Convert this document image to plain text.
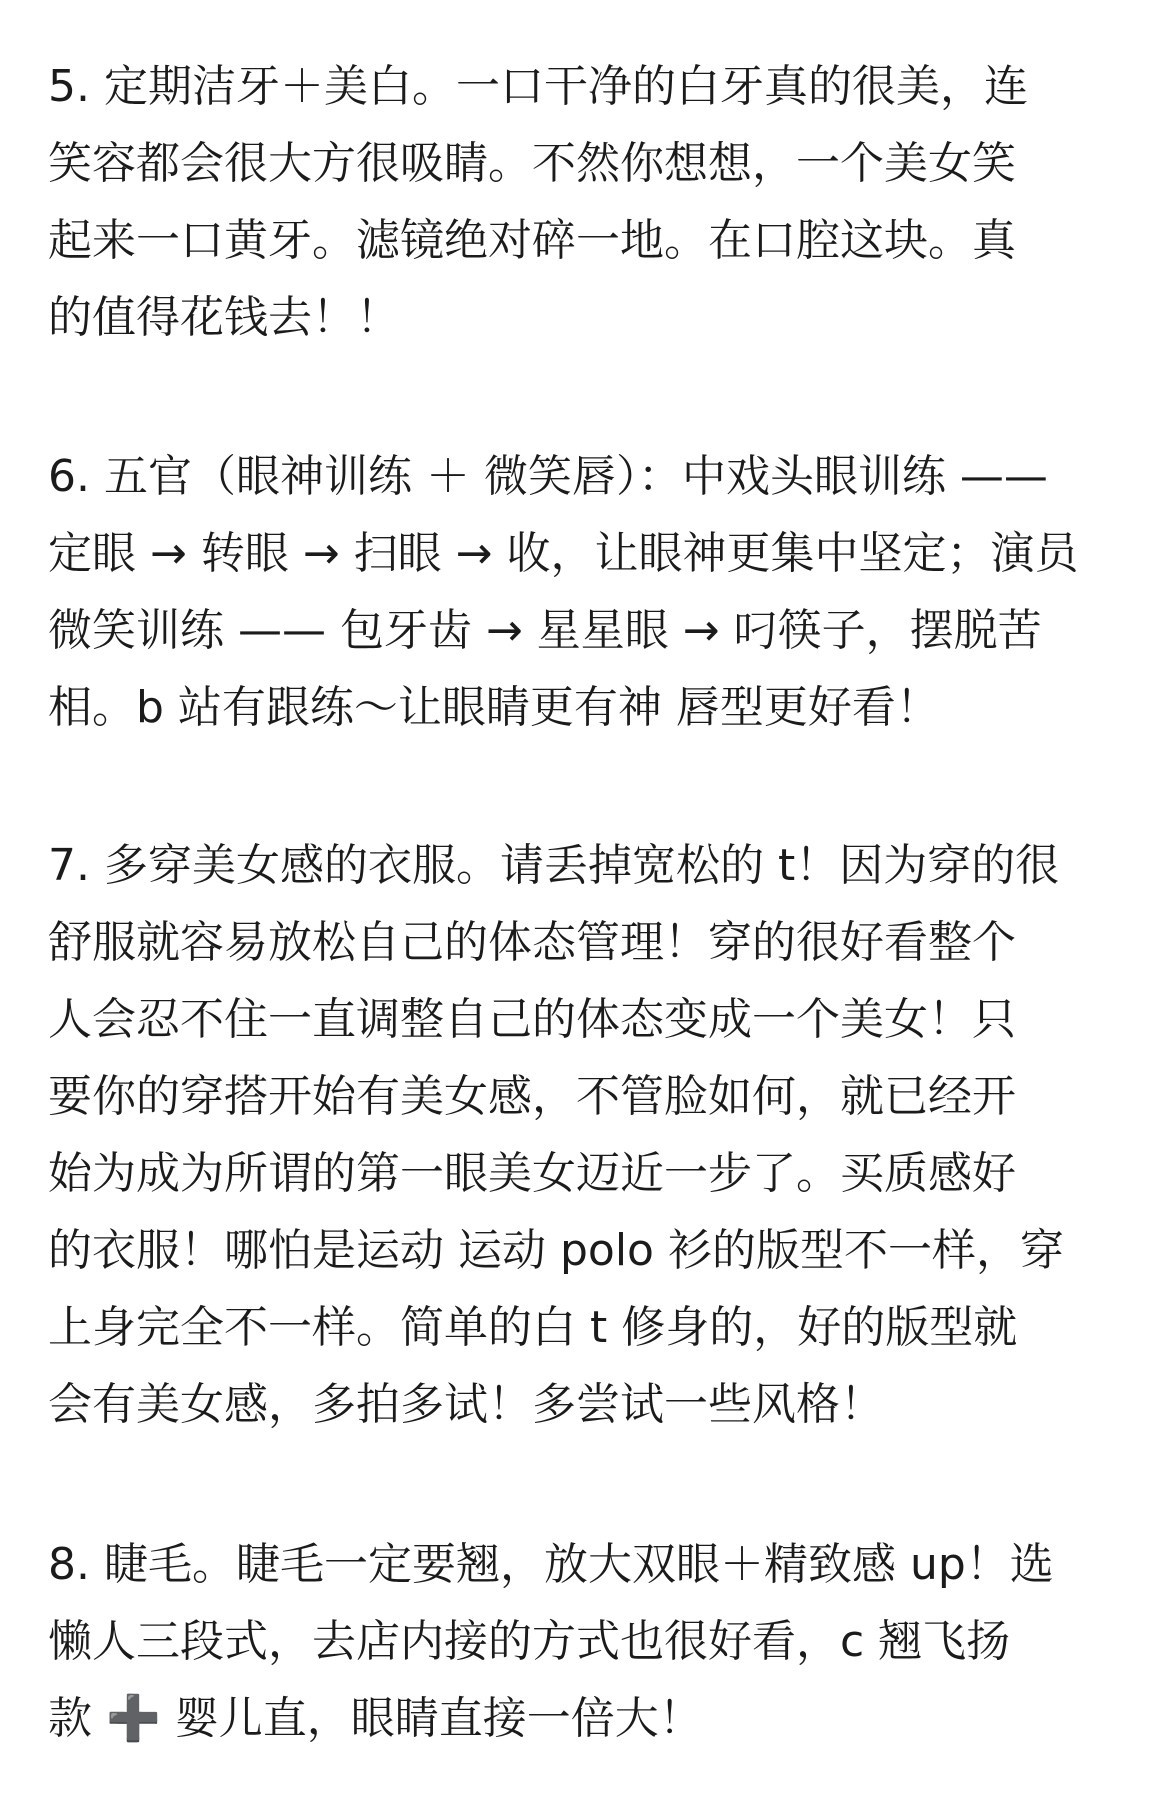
5. 定期洁牙＋美白。一口干净的白牙真的很美，连
笑容都会很大方很吸睛。不然你想想，一个美女笑
起来一口黄牙。滤镜绝对碎一地。在口腔这块。真
的值得花钱去！！
6. 五官（眼神训练 ＋ 微笑唇）：中戏头眼训练 ——
定眼 → 转眼 → 扫眼 → 收，让眼神更集中坚定；演员
微笑训练 —— 包牙齿 → 星星眼 → 叼筷子，摆脱苦
相。b 站有跟练～让眼睛更有神 唇型更好看！
7. 多穿美女感的衣服。请丢掉宽松的 t！因为穿的很
舒服就容易放松自己的体态管理！穿的很好看整个
人会忍不住一直调整自己的体态变成一个美女！只
要你的穿搭开始有美女感，不管脸如何，就已经开
始为成为所谓的第一眼美女迈近一步了。买质感好
的衣服！哪怕是运动 运动 polo 衫的版型不一样，穿
上身完全不一样。简单的白 t 修身的，好的版型就
会有美女感，多拍多试！多尝试一些风格！
8. 睫毛。睫毛一定要翘，放大双眼＋精致感 up！选
懒人三段式，去店内接的方式也很好看，c 翘飞扬
款 ➕ 婴儿直，眼睛直接一倍大！
